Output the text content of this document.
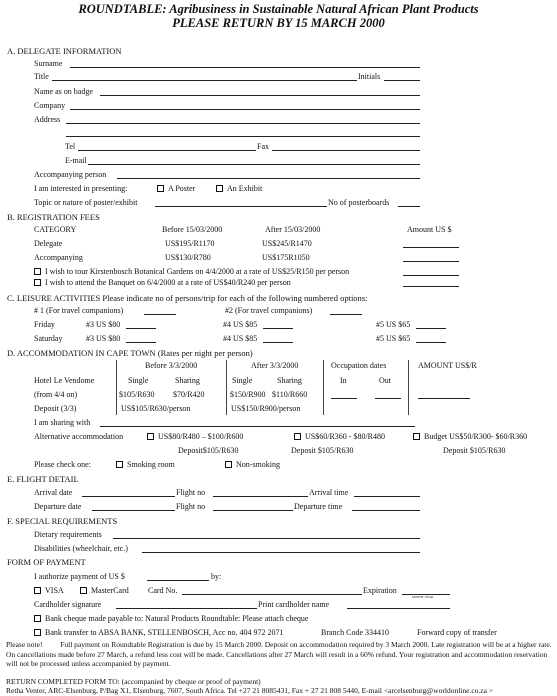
ROUNDTABLE: Agribusiness in Sustainable Natural African Plant Products
PLEASE RETURN BY 15 MARCH 2000
A. DELEGATE INFORMATION
Surname
Title	Initials
Name as on badge
Company
Address
Tel	Fax
E-mail
Accompanying person
I am interested in presenting:	A Poster	An Exhibit
Topic or nature of poster/exhibit	No of posterboards
B. REGISTRATION FEES
CATEGORY	Before 15/03/2000	After 15/03/2000	Amount US $
Delegate	US$195/R1170	US$245/R1470
Accompanying	US$130/R780	US$175R1050
I wish to tour Kirstenbosch Botanical Gardens on 4/4/2000 at a rate of US$25/R150 per person
I wish to attend the Banquet on 6/4/2000 at a rate of US$40/R240 per person
C. LEISURE ACTIVITIES Please indicate no of persons/trip for each of the following numbered options:
# 1 (For travel companions)	#2 (For travel companions)
Friday	#3 US $80	#4 US $85	#5 US $65
Saturday	#3 US $80	#4 US $85	#5 US $65
D. ACCOMMODATION IN CAPE TOWN (Rates per night per person)
Before 3/3/2000	After 3/3/2000	Occupation dates	AMOUNT US$/R
Hotel Le Vendome	Single	Sharing	Single	Sharing	In	Out
(from 4/4 on)	$105/R630 $70/R420	$150/R900 $110/R660
Deposit (3/3)	US$105/R630/person	US$150/R900/person
I am sharing with
Alternative accommodation	US$80/R480 – $100/R600	US$60/R360 - $80/R480	Budget US$50/R300- $60/R360
Deposit$105/R630	Deposit $105/R630	Deposit $105/R630
Please check one:	Smoking room	Non-smoking
E. FLIGHT DETAIL
Arrival date	Flight no	Arrival time
Departure date	Flight no	Departure time
F. SPECIAL REQUIREMENTS
Dietary requirements
Disabilities (wheelchair, etc.)
FORM OF PAYMENT
I authorize payment of US $	by:
VISA	MasterCard Card No.	Expiration
MONTH / YEAR
Cardholder signature	Print cardholder name
Bank cheque made payable to: Natural Products Roundtable: Please attach cheque
Bank transfer to ABSA BANK, STELLENBOSCH, Acc no. 404 972 2071	Branch Code 334410	Forward copy of transfer
Please note! Full payment on Roundtable Registration is due by 15 March 2000. Deposit on accommodation required by 3 March 2000. Late registration will be at a higher rate. On cancellations made before 27 March, a refund less cost will be made. Cancellations after 27 March will result in a 60% refund. Your registration and accommodation reservation will not be processed unless accompanied by payment.
RETURN COMPLETED FORM TO: (accompanied by cheque or proof of payment)
Retha Venter, ARC-Elsenburg, P/Bag X1, Elsenburg, 7607, South Africa. Tel +27 21 8085431, Fax + 27 21 808 5440, E-mail <arcelsenburg@worldonline.co.za >
